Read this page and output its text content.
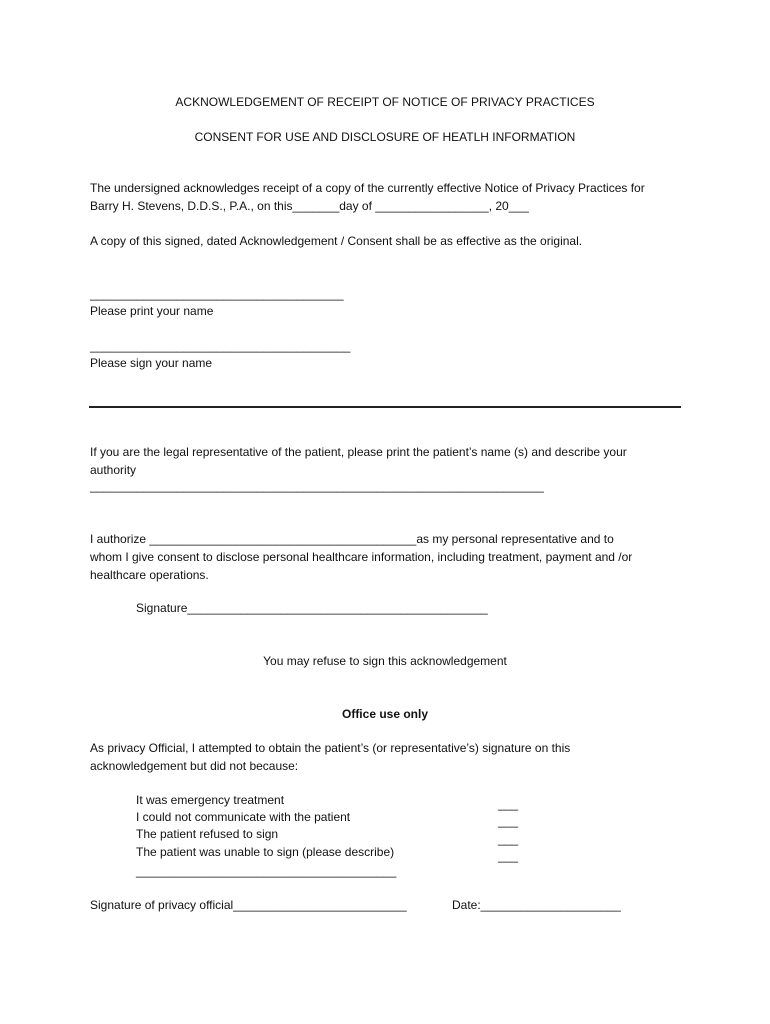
ACKNOWLEDGEMENT OF RECEIPT OF NOTICE OF PRIVACY PRACTICES
CONSENT FOR USE AND DISCLOSURE OF HEATLH INFORMATION
The undersigned acknowledges receipt of a copy of the currently effective Notice of Privacy Practices for
Barry H. Stevens, D.D.S., P.A., on this_______day of _________________, 20___
A copy of this signed, dated Acknowledgement / Consent shall be as effective as the original.
______________________________________
Please print your name
_______________________________________
Please sign your name
If you are the legal representative of the patient, please print the patient’s name (s) and describe your
authority
____________________________________________________________________
I authorize ________________________________________as my personal representative and to
whom I give consent to disclose personal healthcare information, including treatment, payment and /or
healthcare operations.
Signature_____________________________________________
You may refuse to sign this acknowledgement
Office use only
As privacy Official, I attempted to obtain the patient’s (or representative’s) signature on this
acknowledgement but did not because:
It was emergency treatment
I could not communicate with the patient
The patient refused to sign
The patient was unable to sign (please describe)
___
___
___
___
_______________________________________
Signature of privacy official__________________________	Date:_____________________
